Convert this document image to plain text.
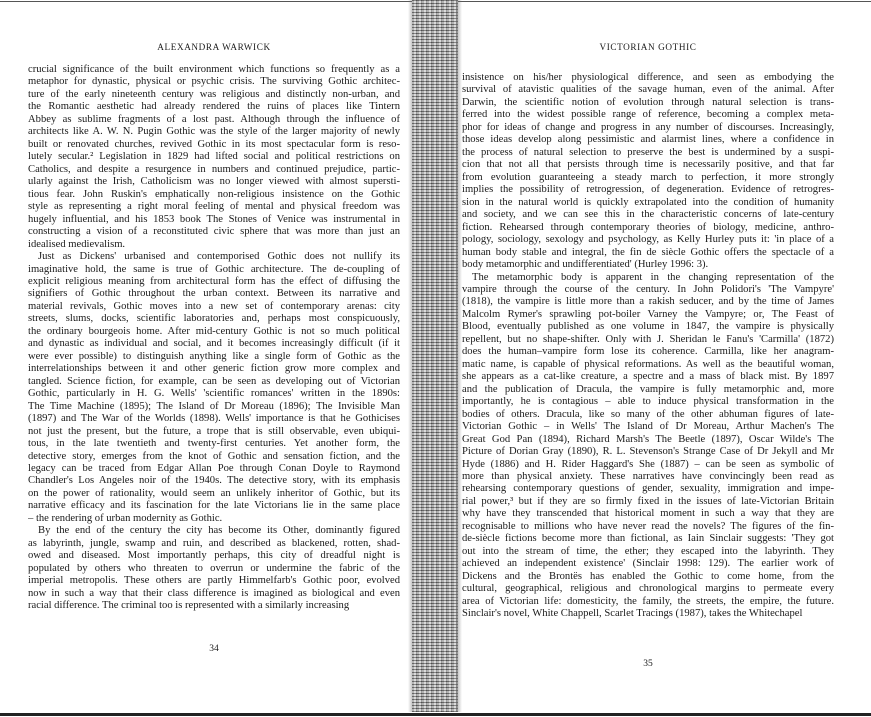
ALEXANDRA WARWICK
crucial significance of the built environment which functions so frequently as a
metaphor for dynastic, physical or psychic crisis. The surviving Gothic architec-
ture of the early nineteenth century was religious and distinctly non-urban, and
the Romantic aesthetic had already rendered the ruins of places like Tintern
Abbey as sublime fragments of a lost past. Although through the influence of
architects like A. W. N. Pugin Gothic was the style of the larger majority of newly
built or renovated churches, revived Gothic in its most spectacular form is reso-
lutely secular.² Legislation in 1829 had lifted social and political restrictions on
Catholics, and despite a resurgence in numbers and continued prejudice, partic-
ularly against the Irish, Catholicism was no longer viewed with almost supersti-
tious fear. John Ruskin's emphatically non-religious insistence on the Gothic
style as representing a right moral feeling of mental and physical freedom was
hugely influential, and his 1853 book The Stones of Venice was instrumental in
constructing a vision of a reconstituted civic sphere that was more than just an
idealised medievalism.
Just as Dickens' urbanised and contemporised Gothic does not nullify its
imaginative hold, the same is true of Gothic architecture. The de-coupling of
explicit religious meaning from architectural form has the effect of diffusing the
signifiers of Gothic throughout the urban context. Between its narrative and
material revivals, Gothic moves into a new set of contemporary arenas: city
streets, slums, docks, scientific laboratories and, perhaps most conspicuously,
the ordinary bourgeois home. After mid-century Gothic is not so much political
and dynastic as individual and social, and it becomes increasingly difficult (if it
were ever possible) to distinguish anything like a single form of Gothic as the
interrelationships between it and other generic fiction grow more complex and
tangled. Science fiction, for example, can be seen as developing out of Victorian
Gothic, particularly in H. G. Wells' 'scientific romances' written in the 1890s:
The Time Machine (1895); The Island of Dr Moreau (1896); The Invisible Man
(1897) and The War of the Worlds (1898). Wells' importance is that he Gothicises
not just the present, but the future, a trope that is still observable, even ubiqui-
tous, in the late twentieth and twenty-first centuries. Yet another form, the
detective story, emerges from the knot of Gothic and sensation fiction, and the
legacy can be traced from Edgar Allan Poe through Conan Doyle to Raymond
Chandler's Los Angeles noir of the 1940s. The detective story, with its emphasis
on the power of rationality, would seem an unlikely inheritor of Gothic, but its
narrative efficacy and its fascination for the late Victorians lie in the same place
– the rendering of urban modernity as Gothic.
By the end of the century the city has become its Other, dominantly figured
as labyrinth, jungle, swamp and ruin, and described as blackened, rotten, shad-
owed and diseased. Most importantly perhaps, this city of dreadful night is
populated by others who threaten to overrun or undermine the fabric of the
imperial metropolis. These others are partly Himmelfarb's Gothic poor, evolved
now in such a way that their class difference is imagined as biological and even
racial difference. The criminal too is represented with a similarly increasing
34
VICTORIAN GOTHIC
insistence on his/her physiological difference, and seen as embodying the
survival of atavistic qualities of the savage human, even of the animal. After
Darwin, the scientific notion of evolution through natural selection is trans-
ferred into the widest possible range of reference, becoming a complex meta-
phor for ideas of change and progress in any number of discourses. Increasingly,
those ideas develop along pessimistic and alarmist lines, where a confidence in
the process of natural selection to preserve the best is undermined by a suspi-
cion that not all that persists through time is necessarily positive, and that far
from evolution guaranteeing a steady march to perfection, it more strongly
implies the possibility of retrogression, of degeneration. Evidence of retrogres-
sion in the natural world is quickly extrapolated into the condition of humanity
and society, and we can see this in the characteristic concerns of late-century
fiction. Rehearsed through contemporary theories of biology, medicine, anthro-
pology, sociology, sexology and psychology, as Kelly Hurley puts it: 'in place of a
human body stable and integral, the fin de siècle Gothic offers the spectacle of a
body metamorphic and undifferentiated' (Hurley 1996: 3).
The metamorphic body is apparent in the changing representation of the
vampire through the course of the century. In John Polidori's 'The Vampyre'
(1818), the vampire is little more than a rakish seducer, and by the time of James
Malcolm Rymer's sprawling pot-boiler Varney the Vampyre; or, The Feast of
Blood, eventually published as one volume in 1847, the vampire is physically
repellent, but no shape-shifter. Only with J. Sheridan le Fanu's 'Carmilla' (1872)
does the human–vampire form lose its coherence. Carmilla, like her anagram-
matic name, is capable of physical reformations. As well as the beautiful woman,
she appears as a cat-like creature, a spectre and a mass of black mist. By 1897
and the publication of Dracula, the vampire is fully metamorphic and, more
importantly, he is contagious – able to induce physical transformation in the
bodies of others. Dracula, like so many of the other abhuman figures of late-
Victorian Gothic – in Wells' The Island of Dr Moreau, Arthur Machen's The
Great God Pan (1894), Richard Marsh's The Beetle (1897), Oscar Wilde's The
Picture of Dorian Gray (1890), R. L. Stevenson's Strange Case of Dr Jekyll and Mr
Hyde (1886) and H. Rider Haggard's She (1887) – can be seen as symbolic of
more than physical anxiety. These narratives have convincingly been read as
rehearsing contemporary questions of gender, sexuality, immigration and impe-
rial power,³ but if they are so firmly fixed in the issues of late-Victorian Britain
why have they transcended that historical moment in such a way that they are
recognisable to millions who have never read the novels? The figures of the fin-
de-siècle fictions become more than fictional, as Iain Sinclair suggests: 'They got
out into the stream of time, the ether; they escaped into the labyrinth. They
achieved an independent existence' (Sinclair 1998: 129). The earlier work of
Dickens and the Brontës has enabled the Gothic to come home, from the
cultural, geographical, religious and chronological margins to permeate every
area of Victorian life: domesticity, the family, the streets, the empire, the future.
Sinclair's novel, White Chappell, Scarlet Tracings (1987), takes the Whitechapel
35
